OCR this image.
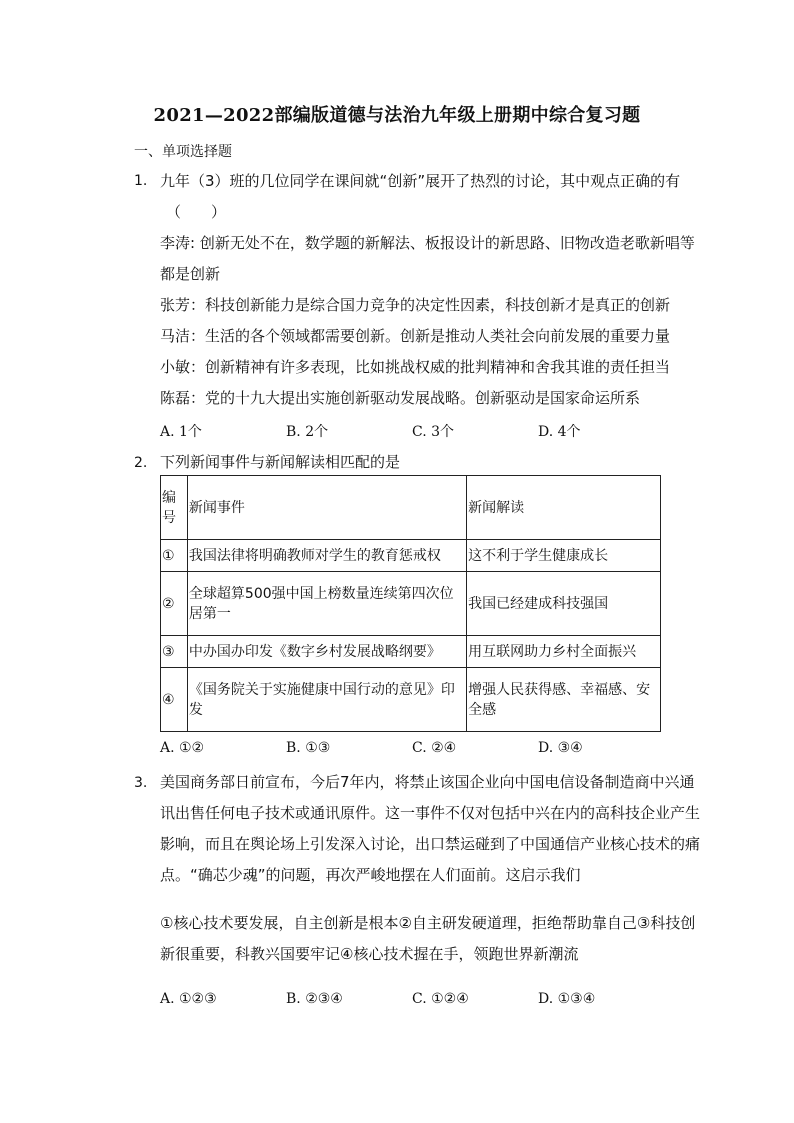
2021—2022部编版道德与法治九年级上册期中综合复习题
一、单项选择题
1. 九年（3）班的几位同学在课间就“创新”展开了热烈的讨论，其中观点正确的有
（　　）
李涛: 创新无处不在，数学题的新解法、板报设计的新思路、旧物改造老歌新唱等
都是创新
张芳：科技创新能力是综合国力竞争的决定性因素，科技创新才是真正的创新
马洁：生活的各个领域都需要创新。创新是推动人类社会向前发展的重要力量
小敏：创新精神有许多表现，比如挑战权威的批判精神和舍我其谁的责任担当
陈磊：党的十九大提出实施创新驱动发展战略。创新驱动是国家命运所系
A. 1个	B. 2个	C. 3个	D. 4个
2. 下列新闻事件与新闻解读相匹配的是
编号	新闻事件	新闻解读
①	我国法律将明确教师对学生的教育惩戒权	这不利于学生健康成长
②	全球超算500强中国上榜数量连续第四次位居第一	我国已经建成科技强国
③	中办国办印发《数字乡村发展战略纲要》	用互联网助力乡村全面振兴
④	《国务院关于实施健康中国行动的意见》印发	增强人民获得感、幸福感、安全感
A. ①②	B. ①③	C. ②④	D. ③④
3. 美国商务部日前宣布，今后7年内，将禁止该国企业向中国电信设备制造商中兴通
讯出售任何电子技术或通讯原件。这一事件不仅对包括中兴在内的高科技企业产生
影响，而且在舆论场上引发深入讨论，出口禁运碰到了中国通信产业核心技术的痛
点。“确芯少魂”的问题，再次严峻地摆在人们面前。这启示我们
①核心技术要发展，自主创新是根本②自主研发硬道理，拒绝帮助靠自己③科技创
新很重要，科教兴国要牢记④核心技术握在手，领跑世界新潮流
A. ①②③	B. ②③④	C. ①②④	D. ①③④
